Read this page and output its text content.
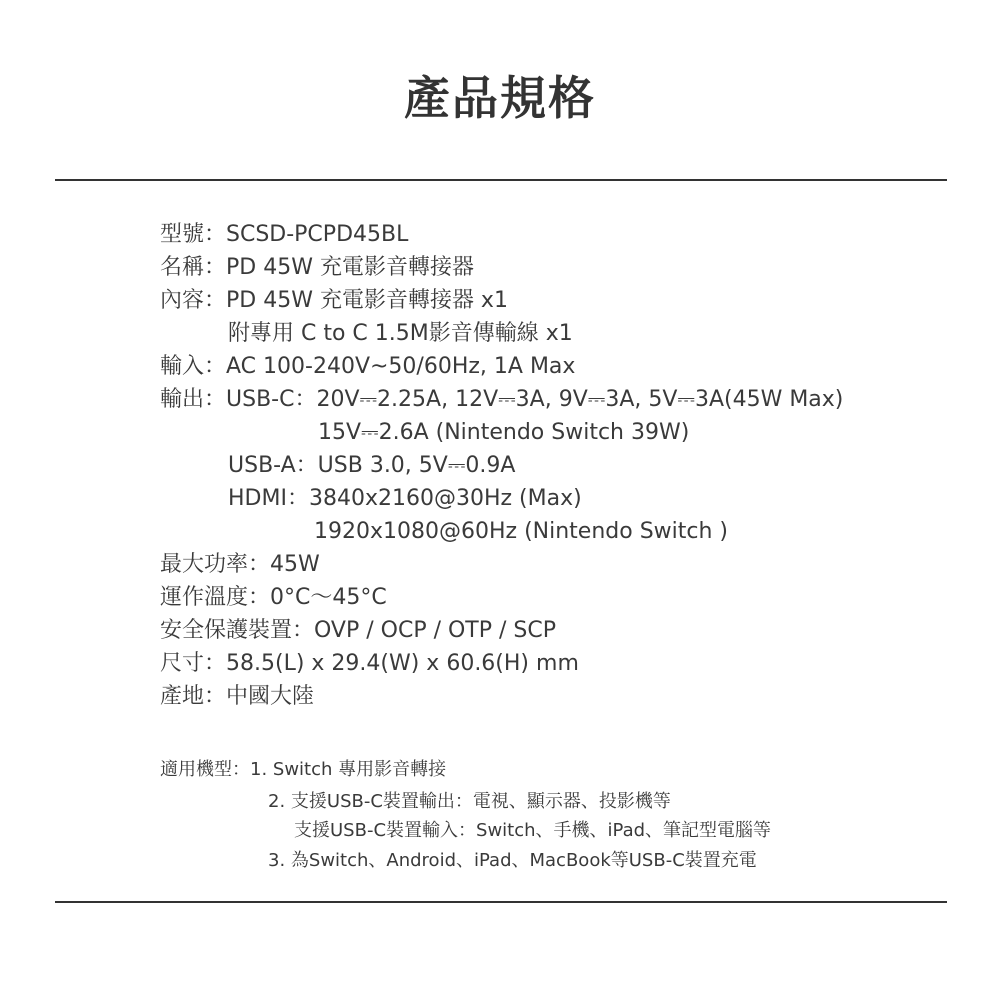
產品規格
型號：SCSD-PCPD45BL
名稱：PD 45W 充電影音轉接器
內容：PD 45W 充電影音轉接器 x1
附專用 C to C 1.5M影音傳輸線 x1
輸入：AC 100-240V~50/60Hz, 1A Max
輸出：USB-C：20V⎓2.25A, 12V⎓3A, 9V⎓3A, 5V⎓3A(45W Max)
15V⎓2.6A (Nintendo Switch 39W)
USB-A：USB 3.0, 5V⎓0.9A
HDMI：3840x2160@30Hz (Max)
1920x1080@60Hz (Nintendo Switch )
最大功率：45W
運作溫度：0°C～45°C
安全保護裝置：OVP / OCP / OTP / SCP
尺寸：58.5(L) x 29.4(W) x 60.6(H) mm
產地：中國大陸
適用機型：1. Switch 專用影音轉接
2. 支援USB-C裝置輸出：電視、顯示器、投影機等
支援USB-C裝置輸入：Switch、手機、iPad、筆記型電腦等
3. 為Switch、Android、iPad、MacBook等USB-C裝置充電
